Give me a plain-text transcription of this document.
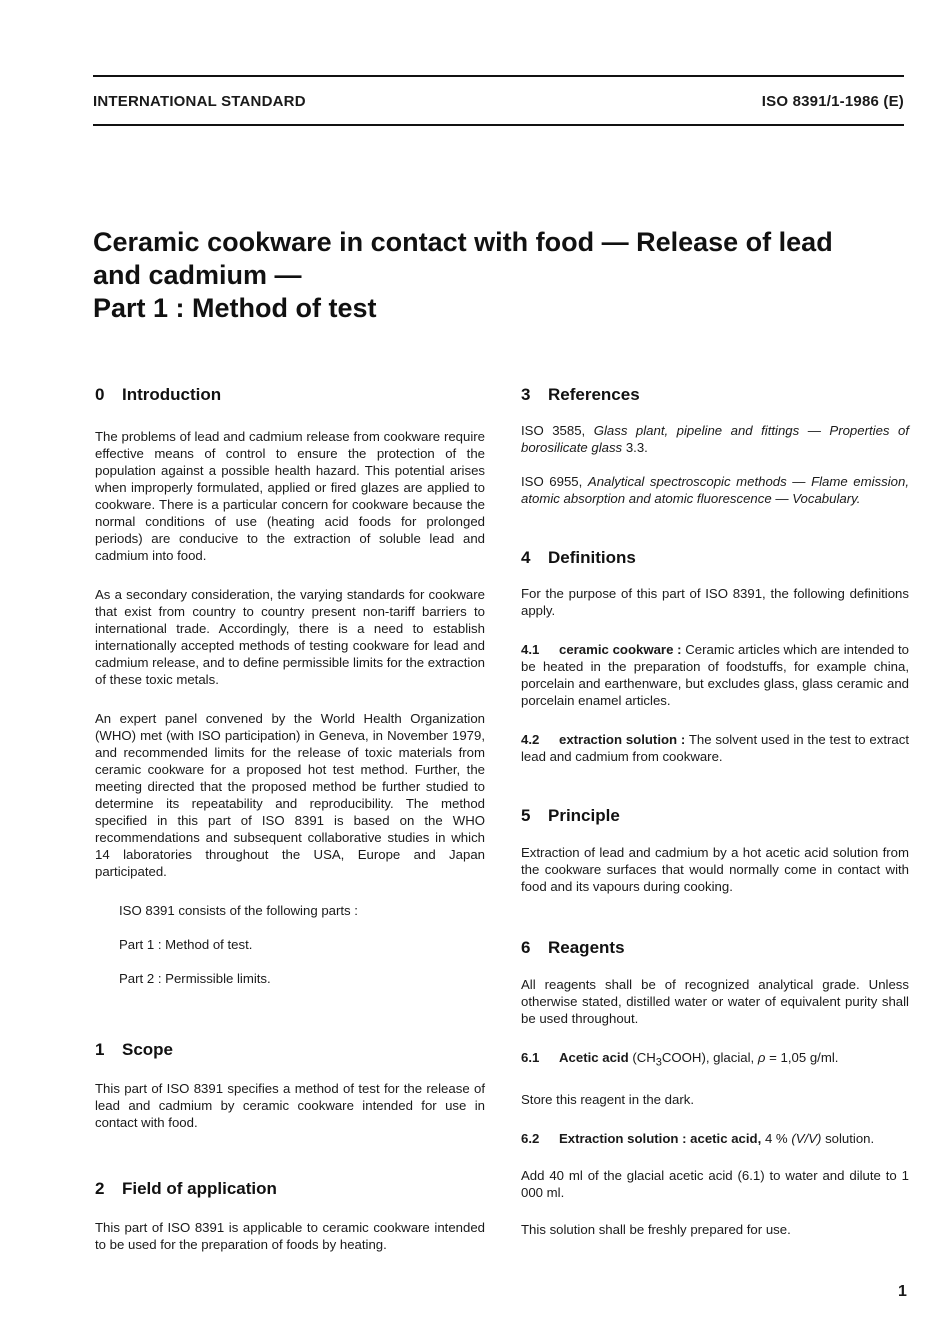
INTERNATIONAL STANDARD	ISO 8391/1-1986 (E)
Ceramic cookware in contact with food — Release of lead
and cadmium —
Part 1 : Method of test
0 Introduction

The problems of lead and cadmium release from cookware require effective means of control to ensure the protection of the population against a possible health hazard. This potential arises when improperly formulated, applied or fired glazes are applied to cookware. There is a particular concern for cookware because the normal conditions of use (heating acid foods for prolonged periods) are conducive to the extraction of soluble lead and cadmium into food.

As a secondary consideration, the varying standards for cookware that exist from country to country present non-tariff barriers to international trade. Accordingly, there is a need to establish internationally accepted methods of testing cookware for lead and cadmium release, and to define permissible limits for the extraction of these toxic metals.

An expert panel convened by the World Health Organization (WHO) met (with ISO participation) in Geneva, in November 1979, and recommended limits for the release of toxic materials from ceramic cookware for a proposed hot test method. Further, the meeting directed that the proposed method be further studied to determine its repeatability and reproducibility. The method specified in this part of ISO 8391 is based on the WHO recommendations and subsequent collaborative studies in which 14 laboratories throughout the USA, Europe and Japan participated.

ISO 8391 consists of the following parts :

Part 1 : Method of test.

Part 2 : Permissible limits.

1 Scope

This part of ISO 8391 specifies a method of test for the release of lead and cadmium by ceramic cookware intended for use in contact with food.

2 Field of application

This part of ISO 8391 is applicable to ceramic cookware intended to be used for the preparation of foods by heating.

3 References

ISO 3585, Glass plant, pipeline and fittings — Properties of borosilicate glass 3.3.

ISO 6955, Analytical spectroscopic methods — Flame emission, atomic absorption and atomic fluorescence — Vocabulary.

4 Definitions

For the purpose of this part of ISO 8391, the following definitions apply.

4.1 ceramic cookware : Ceramic articles which are intended to be heated in the preparation of foodstuffs, for example china, porcelain and earthenware, but excludes glass, glass ceramic and porcelain enamel articles.

4.2 extraction solution : The solvent used in the test to extract lead and cadmium from cookware.

5 Principle

Extraction of lead and cadmium by a hot acetic acid solution from the cookware surfaces that would normally come in contact with food and its vapours during cooking.

6 Reagents

All reagents shall be of recognized analytical grade. Unless otherwise stated, distilled water or water of equivalent purity shall be used throughout.

6.1 Acetic acid $(CH_3COOH)$, glacial, ρ = 1,05 g/ml.

Store this reagent in the dark.

6.2 Extraction solution : acetic acid, 4 % (V/V) solution.

Add 40 ml of the glacial acetic acid (6.1) to water and dilute to 1 000 ml.

This solution shall be freshly prepared for use.

1
